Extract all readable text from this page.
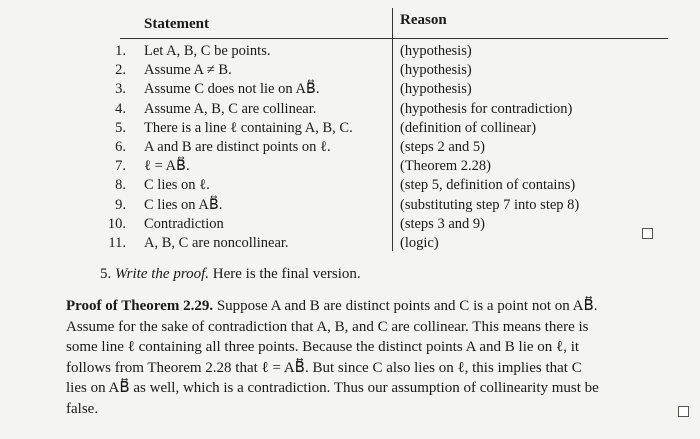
Statement	Reason
1. Let A, B, C be points.	(hypothesis)
2. Assume A ≠ B.	(hypothesis)
3. Assume C does not lie on AB⃡.	(hypothesis)
4. Assume A, B, C are collinear.	(hypothesis for contradiction)
5. There is a line ℓ containing A, B, C.	(definition of collinear)
6. A and B are distinct points on ℓ.	(steps 2 and 5)
7. ℓ = AB⃡.	(Theorem 2.28)
8. C lies on ℓ.	(step 5, definition of contains)
9. C lies on AB⃡.	(substituting step 7 into step 8)
10. Contradiction	(steps 3 and 9)
11. A, B, C are noncollinear.	(logic)
5. Write the proof. Here is the final version.
Proof of Theorem 2.29. Suppose A and B are distinct points and C is a point not on AB⃡.
Assume for the sake of contradiction that A, B, and C are collinear. This means there is
some line ℓ containing all three points. Because the distinct points A and B lie on ℓ, it
follows from Theorem 2.28 that ℓ = AB⃡. But since C also lies on ℓ, this implies that C
lies on AB⃡ as well, which is a contradiction. Thus our assumption of collinearity must be
false.
